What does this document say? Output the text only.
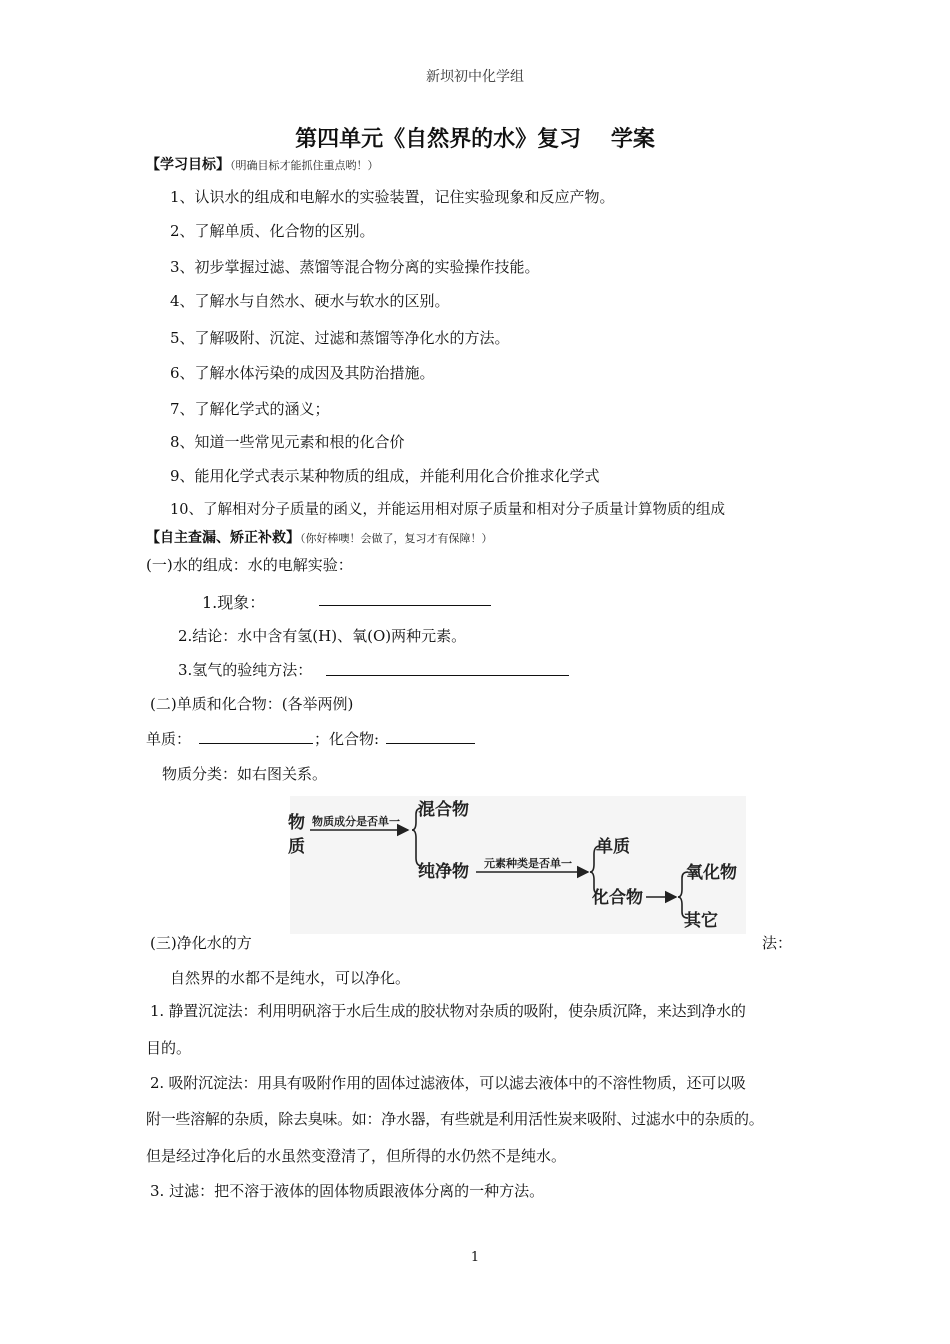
新坝初中化学组
第四单元《自然界的水》复习　 学案
【学习目标】（明确目标才能抓住重点哟！）
1、认识水的组成和电解水的实验装置，记住实验现象和反应产物。
2、了解单质、化合物的区别。
3、初步掌握过滤、蒸馏等混合物分离的实验操作技能。
4、了解水与自然水、硬水与软水的区别。
5、了解吸附、沉淀、过滤和蒸馏等净化水的方法。
6、了解水体污染的成因及其防治措施。
7、了解化学式的涵义；
8、知道一些常见元素和根的化合价
9、能用化学式表示某种物质的组成，并能利用化合价推求化学式
10、了解相对分子质量的函义，并能运用相对原子质量和相对分子质量计算物质的组成
【自主查漏、矫正补救】（你好棒噢！会做了，复习才有保障！）
(一)水的组成：水的电解实验：
1.现象：
2.结论：水中含有氢(H)、氧(O)两种元素。
3.氢气的验纯方法：
(二)单质和化合物：(各举两例)
单质：	；化合物:
物质分类：如右图关系。
物
质
物质成分是否单一
混合物
纯净物 元素种类是否单一
单质
化合物
氧化物
其它
(三)净化水的方	法：
自然界的水都不是纯水，可以净化。
1. 静置沉淀法：利用明矾溶于水后生成的胶状物对杂质的吸附，使杂质沉降，来达到净水的
目的。
2. 吸附沉淀法：用具有吸附作用的固体过滤液体，可以滤去液体中的不溶性物质，还可以吸
附一些溶解的杂质，除去臭味。如：净水器，有些就是利用活性炭来吸附、过滤水中的杂质的。
但是经过净化后的水虽然变澄清了，但所得的水仍然不是纯水。
3. 过滤：把不溶于液体的固体物质跟液体分离的一种方法。
1
